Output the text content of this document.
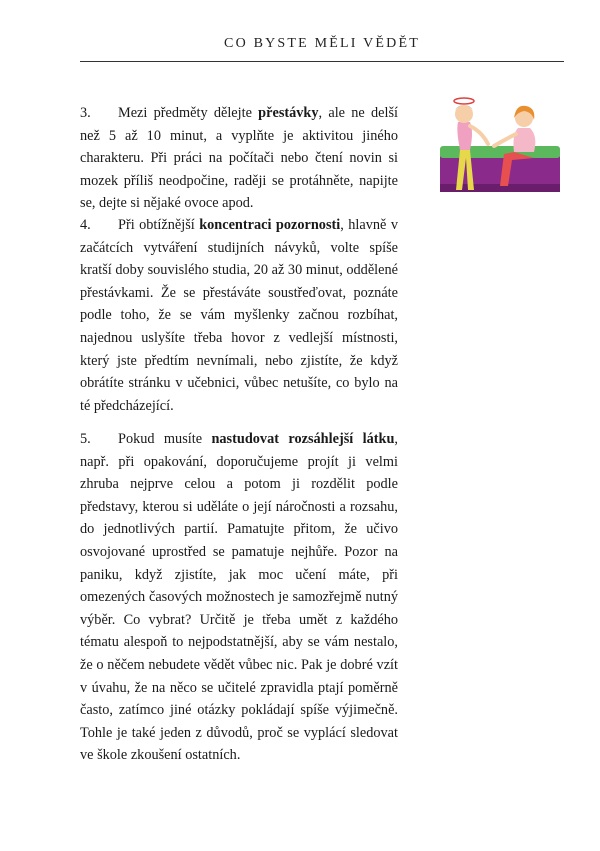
CO BYSTE MĚLI VĚDĚT

3. Mezi předměty dělejte přestávky, ale ne delší než 5 až 10 minut, a vyplňte je aktivitou jiného charakteru. Při práci na počítači nebo čtení novin si mozek příliš neodpočine, raději se protáhněte, napijte se, dejte si nějaké ovoce apod.

4. Při obtížnější koncentraci pozornosti, hlavně v začátcích vytváření studijních návyků, volte spíše kratší doby souvislého studia, 20 až 30 minut, oddělené přestávkami. Že se přestáváte soustřeďovat, poznáte podle toho, že se vám myšlenky začnou rozbíhat, najednou uslyšíte třeba hovor z vedlejší místnosti, který jste předtím nevnímali, nebo zjistíte, že když obrátíte stránku v učebnici, vůbec netušíte, co bylo na té předcházející.

5. Pokud musíte nastudovat rozsáhlejší látku, např. při opakování, doporučujeme projít ji velmi zhruba nejprve celou a potom ji rozdělit podle představy, kterou si uděláte o její náročnosti a rozsahu, do jednotlivých partií. Pamatujte přitom, že učivo osvojované uprostřed se pamatuje nejhůře. Pozor na paniku, když zjistíte, jak moc učení máte, při omezených časových možnostech je samozřejmě nutný výběr. Co vybrat? Určitě je třeba umět z každého tématu alespoň to nejpodstatnější, aby se vám nestalo, že o něčem nebudete vědět vůbec nic. Pak je dobré vzít v úvahu, že na něco se učitelé zpravidla ptají poměrně často, zatímco jiné otázky pokládají spíše výjimečně. Tohle je také jeden z důvodů, proč se vyplácí sledovat ve škole zkoušení ostatních.
